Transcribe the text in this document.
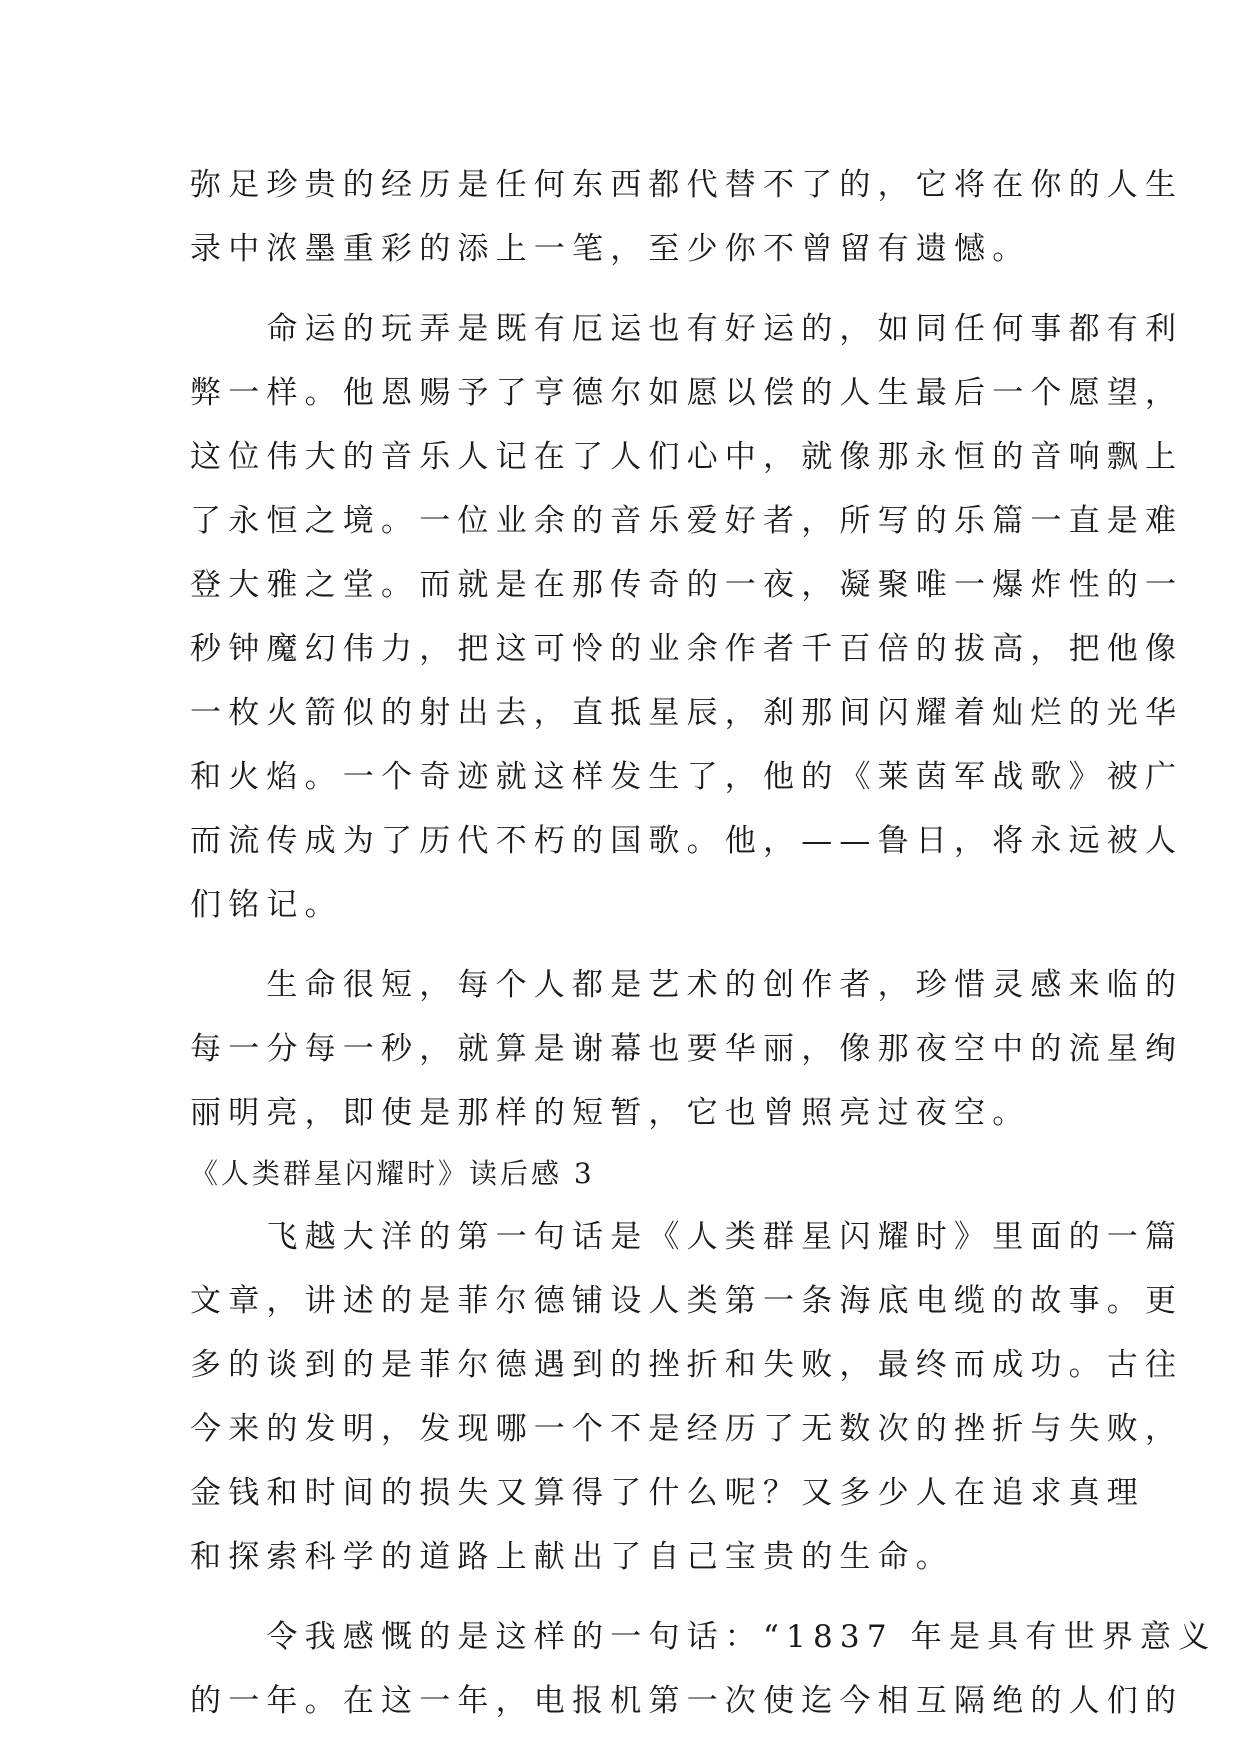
弥足珍贵的经历是任何东西都代替不了的，它将在你的人生
录中浓墨重彩的添上一笔，至少你不曾留有遗憾。
　　命运的玩弄是既有厄运也有好运的，如同任何事都有利
弊一样。他恩赐予了亨德尔如愿以偿的人生最后一个愿望，
这位伟大的音乐人记在了人们心中，就像那永恒的音响飘上
了永恒之境。一位业余的音乐爱好者，所写的乐篇一直是难
登大雅之堂。而就是在那传奇的一夜，凝聚唯一爆炸性的一
秒钟魔幻伟力，把这可怜的业余作者千百倍的拔高，把他像
一枚火箭似的射出去，直抵星辰，刹那间闪耀着灿烂的光华
和火焰。一个奇迹就这样发生了，他的《莱茵军战歌》被广
而流传成为了历代不朽的国歌。他，——鲁日，将永远被人
们铭记。
　　生命很短，每个人都是艺术的创作者，珍惜灵感来临的
每一分每一秒，就算是谢幕也要华丽，像那夜空中的流星绚
丽明亮，即使是那样的短暂，它也曾照亮过夜空。
《人类群星闪耀时》读后感 3
　　飞越大洋的第一句话是《人类群星闪耀时》里面的一篇
文章，讲述的是菲尔德铺设人类第一条海底电缆的故事。更
多的谈到的是菲尔德遇到的挫折和失败，最终而成功。古往
今来的发明，发现哪一个不是经历了无数次的挫折与失败，
金钱和时间的损失又算得了什么呢？又多少人在追求真理
和探索科学的道路上献出了自己宝贵的生命。
　　令我感慨的是这样的一句话：“1837 年是具有世界意义
的一年。在这一年，电报机第一次使迄今相互隔绝的人们的
